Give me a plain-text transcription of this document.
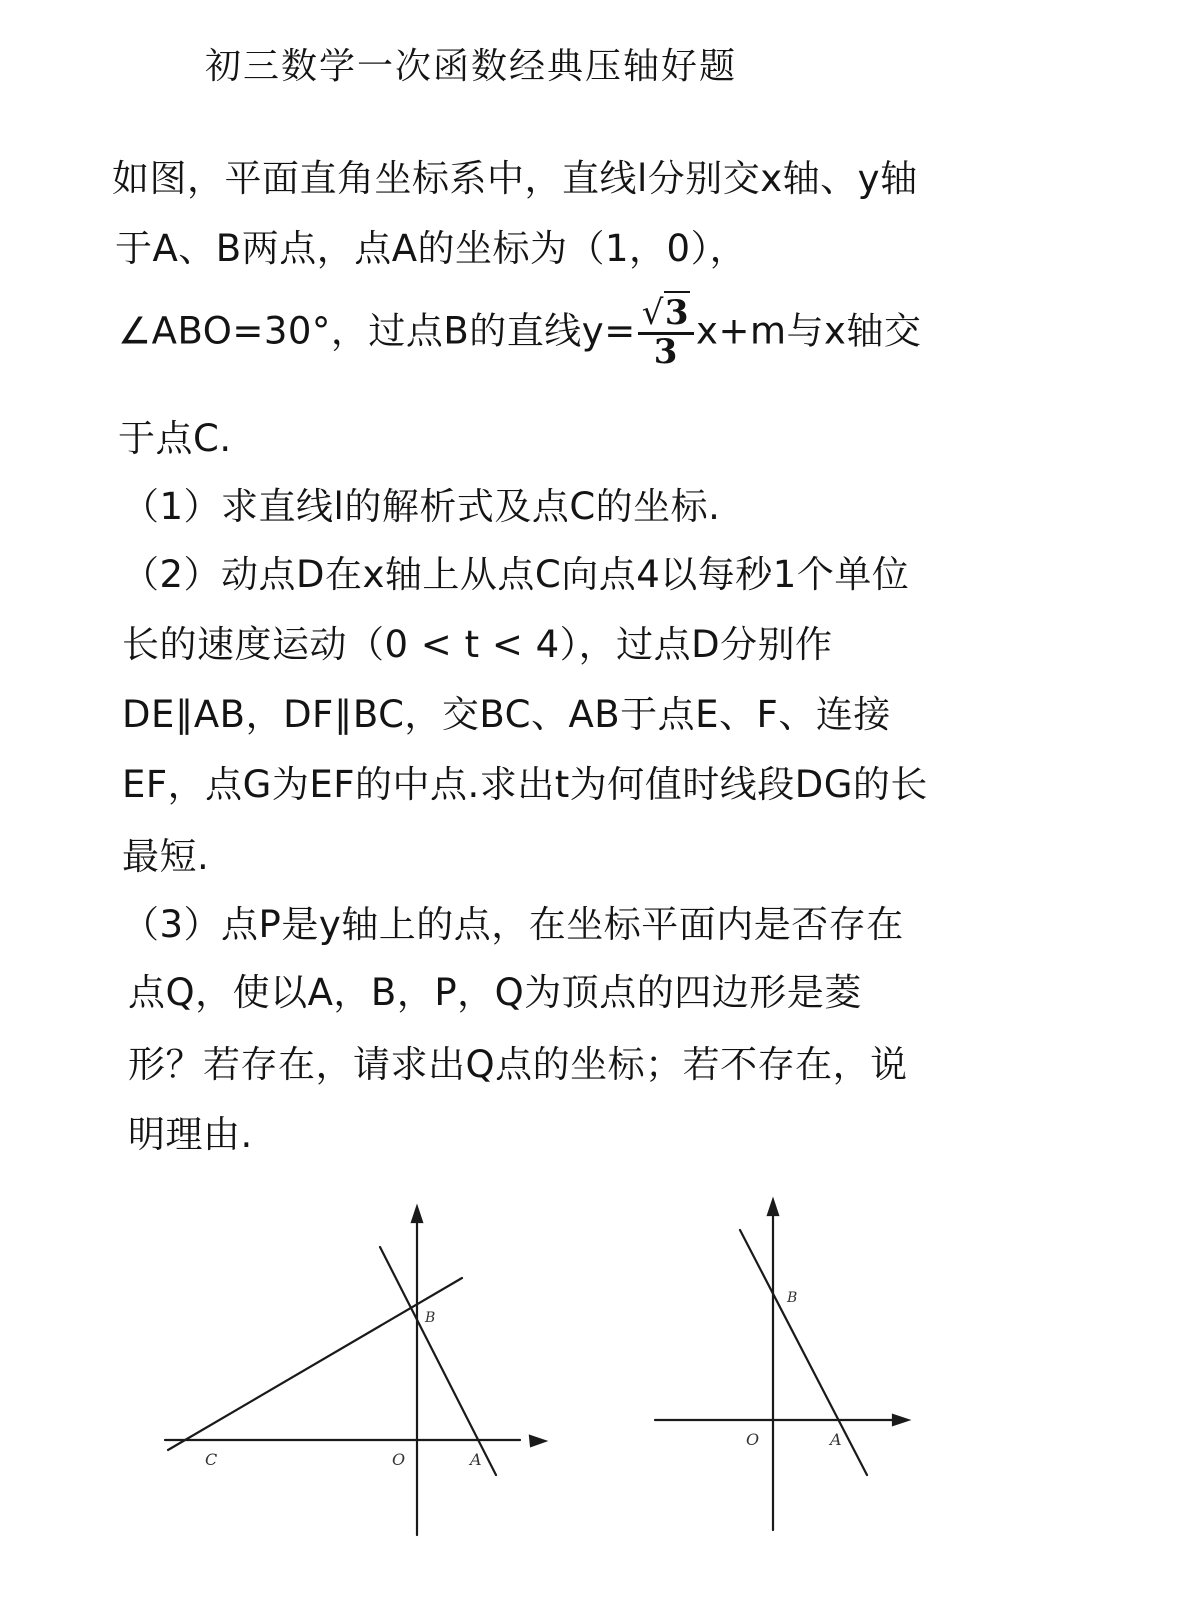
初三数学一次函数经典压轴好题
如图，平面直角坐标系中，直线l分别交x轴、y轴
于A、B两点，点A的坐标为（1，0），
∠ABO=30°，过点B的直线$y= \frac{√3}{3} x+m$与x轴交
于点C.
（1）求直线l的解析式及点C的坐标.
（2）动点D在x轴上从点C向点4以每秒1个单位
长的速度运动（0 < t < 4），过点D分别作
DE∥AB，DF∥BC，交BC、AB于点E、F、连接
EF，点G为EF的中点.求出t为何值时线段DG的长
最短.
（3）点P是y轴上的点，在坐标平面内是否存在
点Q，使以A，B，P，Q为顶点的四边形是菱
形？若存在，请求出Q点的坐标；若不存在，说
明理由.
B
O
C	A
B
O	A
